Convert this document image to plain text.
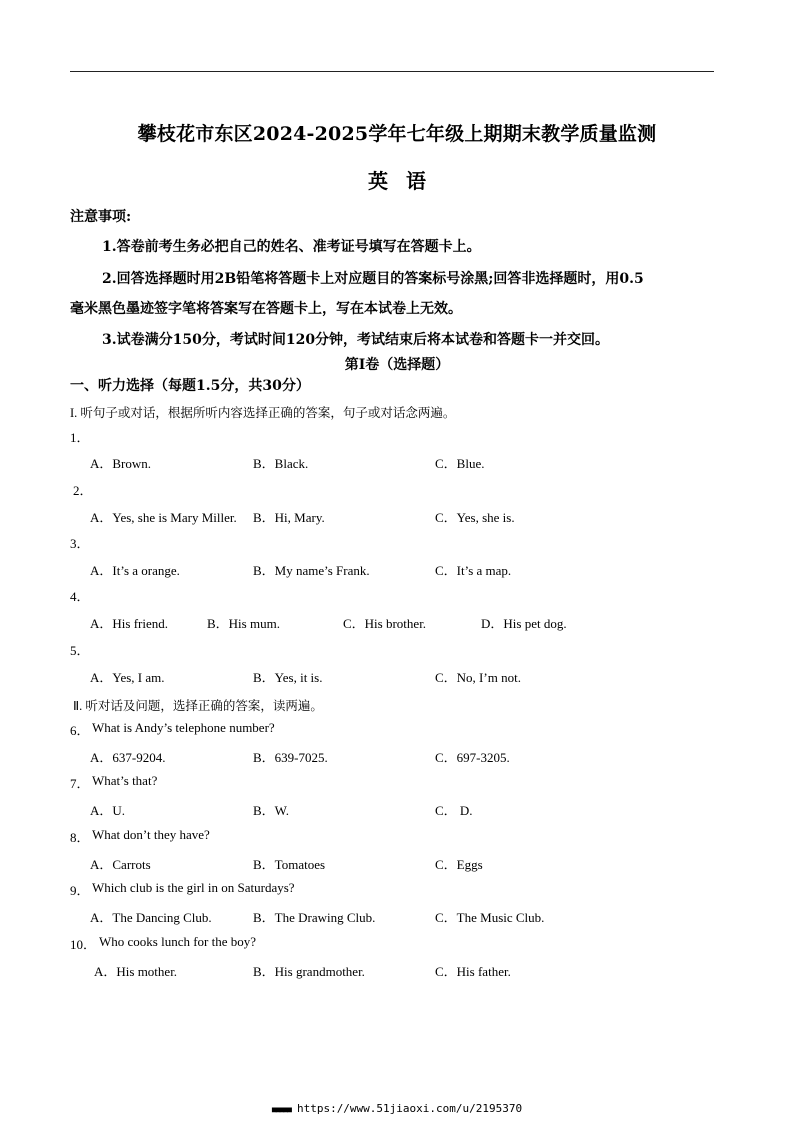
攀枝花市东区2024-2025学年七年级上期期末教学质量监测
英语
注意事项:
1.答卷前考生务必把自己的姓名、准考证号填写在答题卡上。
2.回答选择题时用2B铅笔将答题卡上对应题目的答案标号涂黑;回答非选择题时，用0.5
毫米黑色墨迹签字笔将答案写在答题卡上，写在本试卷上无效。
3.试卷满分150分，考试时间120分钟，考试结束后将本试卷和答题卡一并交回。
第I卷（选择题）
一、听力选择（每题1.5分，共30分）
I. 听句子或对话，根据所听内容选择正确的答案，句子或对话念两遍。
1．
A．Brown.	B．Black.	C．Blue.
2．
A．Yes, she is Mary Miller. B．Hi, Mary.	C．Yes, she is.
3．
A．It’s a orange.	B．My name’s Frank.	C．It’s a map.
4．
A．His friend.	B．His mum.	C．His brother.	D．His pet dog.
5．
A．Yes, I am.	B．Yes, it is.	C．No, I’m not.
Ⅱ. 听对话及问题，选择正确的答案，读两遍。
6． What is Andy’s telephone number?
A．637-9204.	B．639-7025.	C．697-3205.
7． What’s that?
A．U.	B．W.	C． D.
8． What don’t they have?
A．Carrots	B．Tomatoes	C．Eggs
9． Which club is the girl in on Saturdays?
A．The Dancing Club.	B．The Drawing Club.	C．The Music Club.
10． Who cooks lunch for the boy?
A．His mother.	B．His grandmother.	C．His father.
■■■■■ https://www.51jiaoxi.com/u/2195370
